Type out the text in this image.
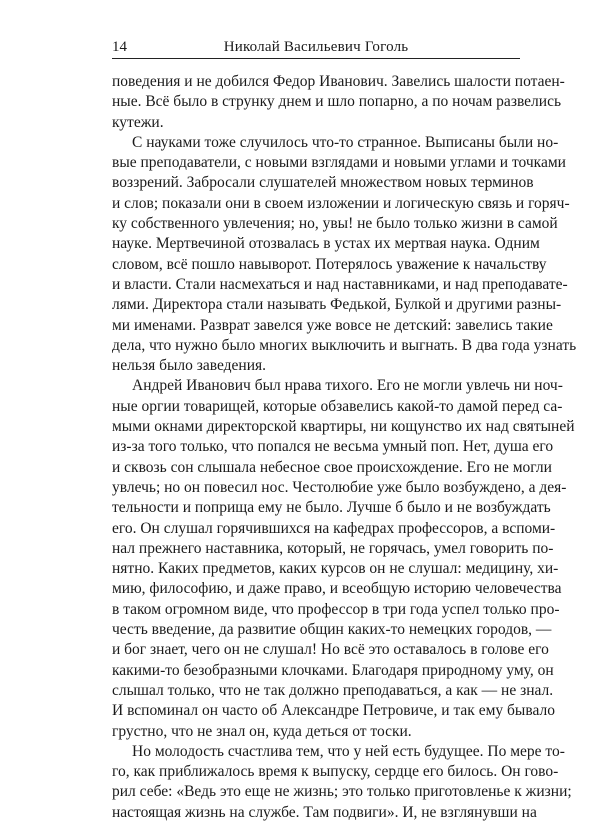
14	Николай Васильевич Гоголь
поведения и не добился Федор Иванович. Завелись шалости потаен-
ные. Всё было в струнку днем и шло попарно, а по ночам развелись
кутежи.
С науками тоже случилось что-то странное. Выписаны были но-
вые преподаватели, с новыми взглядами и новыми углами и точками
воззрений. Забросали слушателей множеством новых терминов
и слов; показали они в своем изложении и логическую связь и горяч-
ку собственного увлечения; но, увы! не было только жизни в самой
науке. Мертвечиной отозвалась в устах их мертвая наука. Одним
словом, всё пошло навыворот. Потерялось уважение к начальству
и власти. Стали насмехаться и над наставниками, и над преподавате-
лями. Директора стали называть Федькой, Булкой и другими разны-
ми именами. Разврат завелся уже вовсе не детский: завелись такие
дела, что нужно было многих выключить и выгнать. В два года узнать
нельзя было заведения.
Андрей Иванович был нрава тихого. Его не могли увлечь ни ноч-
ные оргии товарищей, которые обзавелись какой-то дамой перед са-
мыми окнами директорской квартиры, ни кощунство их над святыней
из-за того только, что попался не весьма умный поп. Нет, душа его
и сквозь сон слышала небесное свое происхождение. Его не могли
увлечь; но он повесил нос. Честолюбие уже было возбуждено, а дея-
тельности и поприща ему не было. Лучше б было и не возбуждать
его. Он слушал горячившихся на кафедрах профессоров, а вспоми-
нал прежнего наставника, который, не горячась, умел говорить по-
нятно. Каких предметов, каких курсов он не слушал: медицину, хи-
мию, философию, и даже право, и всеобщую историю человечества
в таком огромном виде, что профессор в три года успел только про-
честь введение, да развитие общин каких-то немецких городов, —
и бог знает, чего он не слушал! Но всё это оставалось в голове его
какими-то безобразными клочками. Благодаря природному уму, он
слышал только, что не так должно преподаваться, а как — не знал.
И вспоминал он часто об Александре Петровиче, и так ему бывало
грустно, что не знал он, куда деться от тоски.
Но молодость счастлива тем, что у ней есть будущее. По мере то-
го, как приближалось время к выпуску, сердце его билось. Он гово-
рил себе: «Ведь это еще не жизнь; это только приготовленье к жизни;
настоящая жизнь на службе. Там подвиги». И, не взглянувши на
